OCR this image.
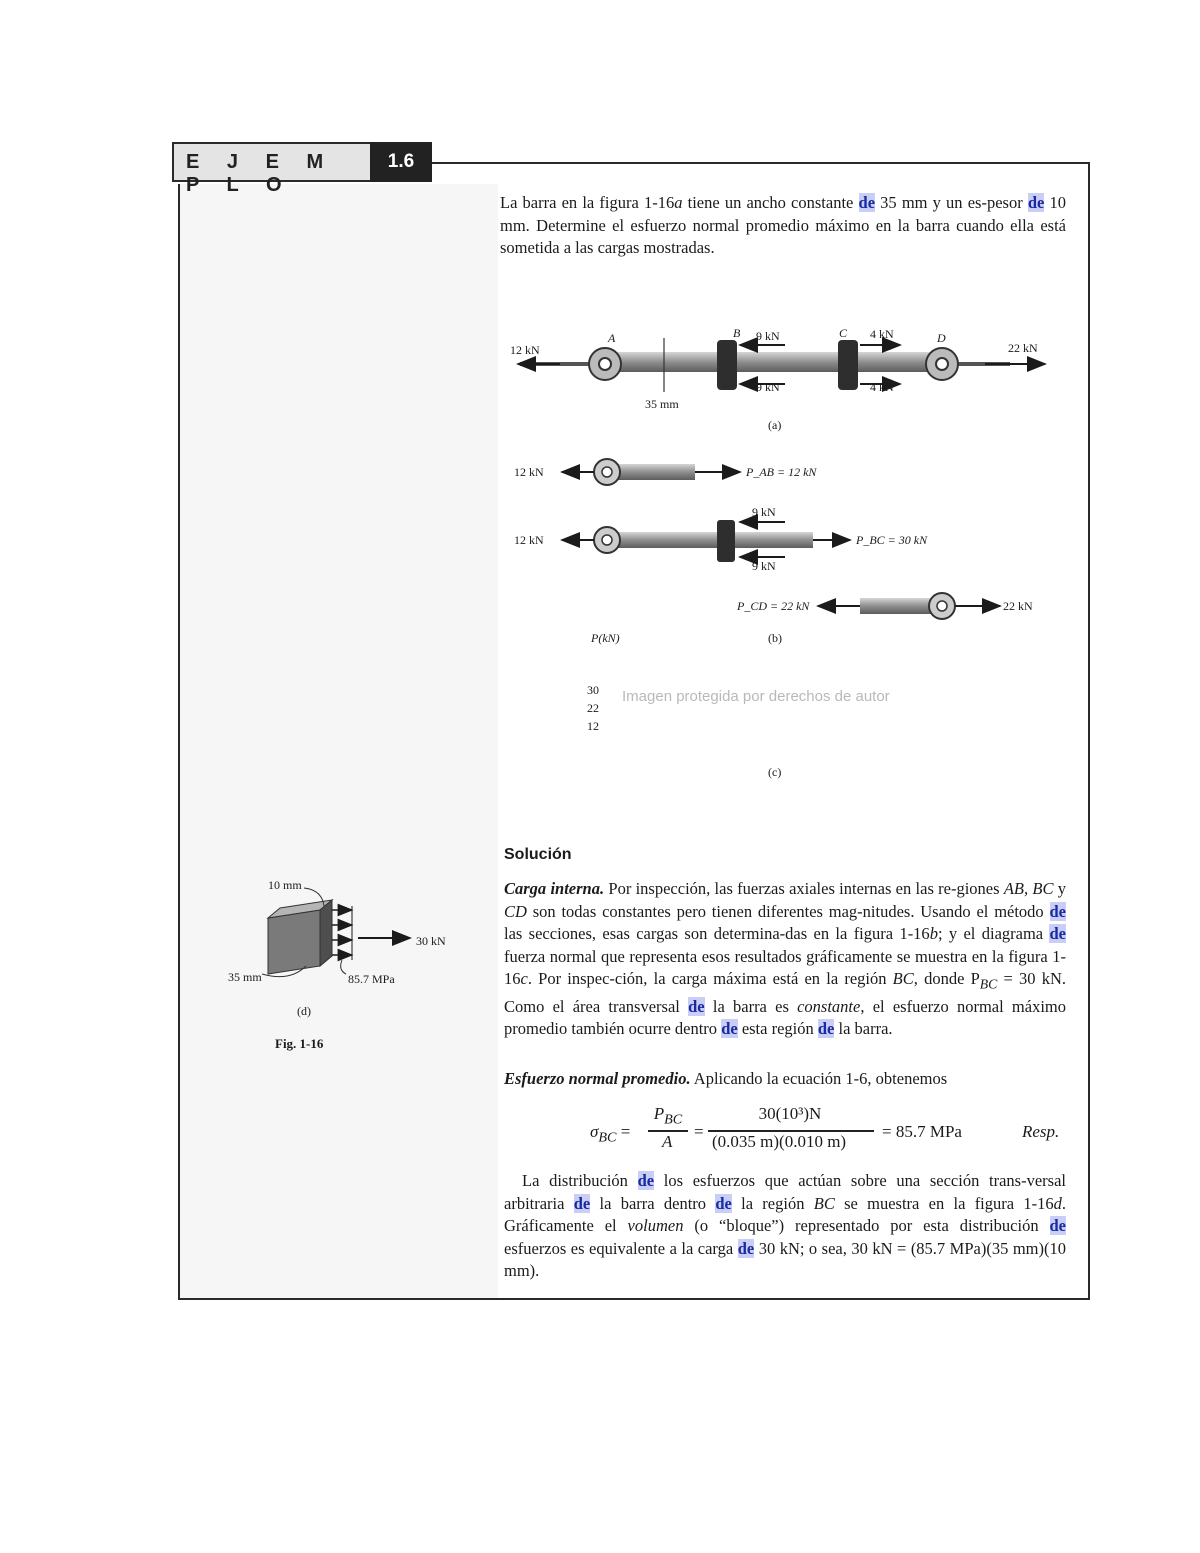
E J E M P L O
1.6
La barra en la figura 1-16a tiene un ancho constante de 35 mm y un es-pesor de 10 mm. Determine el esfuerzo normal promedio máximo en la barra cuando ella está sometida a las cargas mostradas.
12 kN
A	B	C	D
9 kN
9 kN
4 kN
4 kN
22 kN
35 mm
(a)
12 kN	P_AB = 12 kN
9 kN
12 kN	P_BC = 30 kN
9 kN
P_CD = 22 kN	22 kN
P(kN)	(b)
30
22
12
Imagen protegida por derechos de autor
(c)
10 mm
35 mm
30 kN
85.7 MPa
(d)
Fig. 1-16
Solución
Carga interna. Por inspección, las fuerzas axiales internas en las re-giones AB, BC y CD son todas constantes pero tienen diferentes mag-nitudes. Usando el método de las secciones, esas cargas son determina-das en la figura 1-16b; y el diagrama de fuerza normal que representa esos resultados gráficamente se muestra en la figura 1-16c. Por inspec-ción, la carga máxima está en la región BC, donde $P_{BC} = 30$ kN. Como el área transversal de la barra es constante, el esfuerzo normal máximo promedio también ocurre dentro de esta región de la barra.
Esfuerzo normal promedio. Aplicando la ecuación 1-6, obtenemos
$\sigma_{BC}$ =
$P_{BC}$
A
=
30(10³)N
(0.035 m)(0.010 m)
= 85.7 MPa	Resp.
La distribución de los esfuerzos que actúan sobre una sección trans-versal arbitraria de la barra dentro de la región BC se muestra en la figura 1-16d. Gráficamente el volumen (o “bloque”) representado por esta distribución de esfuerzos es equivalente a la carga de 30 kN; o sea, 30 kN = (85.7 MPa)(35 mm)(10 mm).
